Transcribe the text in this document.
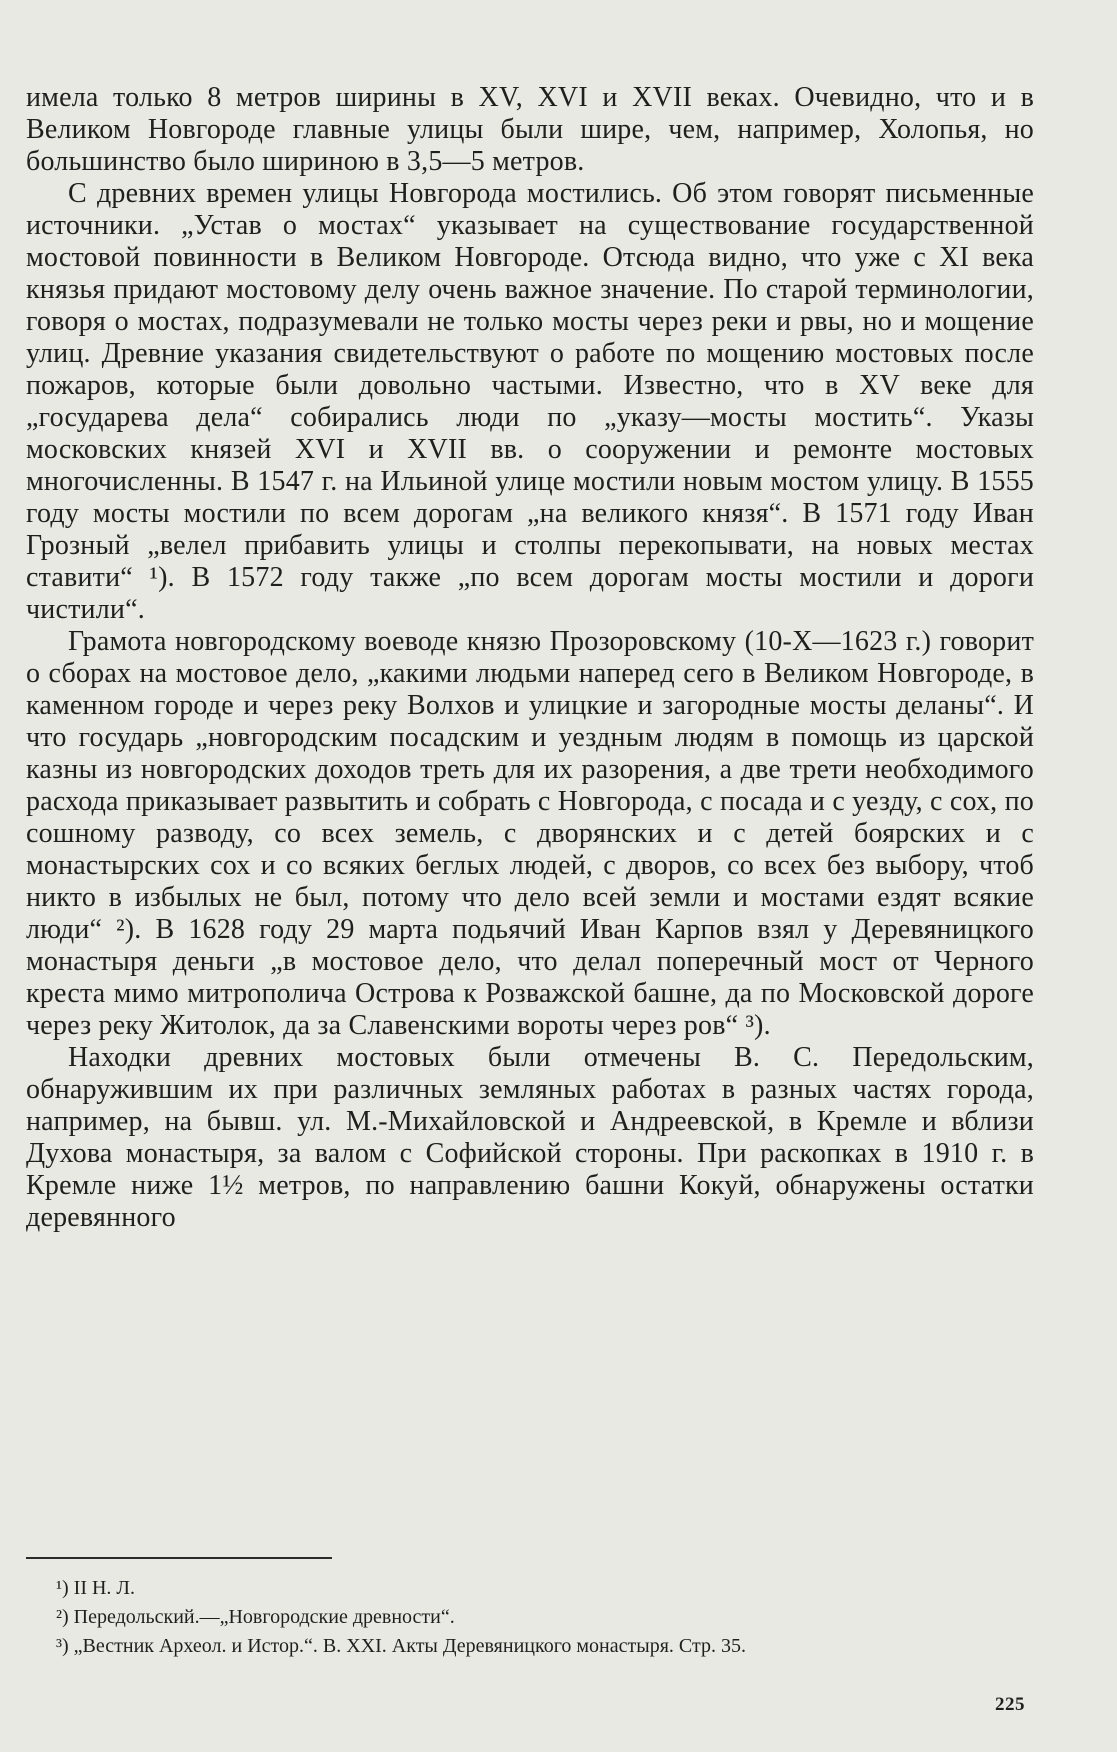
имела только 8 метров ширины в XV, XVI и XVII веках. Очевидно, что и в Великом Новгороде главные улицы были шире, чем, например, Холопья, но большинство было шириною в 3,5—5 метров.

С древних времен улицы Новгорода мостились. Об этом говорят письменные источники. „Устав о мостах“ указывает на существование государственной мостовой повинности в Великом Новгороде. Отсюда видно, что уже с XI века князья придают мостовому делу очень важное значение. По старой терминологии, говоря о мостах, подразумевали не только мосты через реки и рвы, но и мощение улиц. Древние указания свидетельствуют о работе по мощению мостовых после пожаров, которые были довольно частыми. Известно, что в XV веке для „государева дела“ собирались люди по „указу—мосты мостить“. Указы московских князей XVI и XVII вв. о сооружении и ремонте мостовых многочисленны. В 1547 г. на Ильиной улице мостили новым мостом улицу. В 1555 году мосты мостили по всем дорогам „на великого князя“. В 1571 году Иван Грозный „велел прибавить улицы и столпы перекопывати, на новых местах ставити“ ¹). В 1572 году также „по всем дорогам мосты мостили и дороги чистили“.

Грамота новгородскому воеводе князю Прозоровскому (10-X—1623 г.) говорит о сборах на мостовое дело, „какими людьми наперед сего в Великом Новгороде, в каменном городе и через реку Волхов и улицкие и загородные мосты деланы“. И что государь „новгородским посадским и уездным людям в помощь из царской казны из новгородских доходов треть для их разорения, а две трети необходимого расхода приказывает развытить и собрать с Новгорода, с посада и с уезду, с сох, по сошному разводу, со всех земель, с дворянских и с детей боярских и с монастырских сох и со всяких беглых людей, с дворов, со всех без выбору, чтоб никто в избылых не был, потому что дело всей земли и мостами ездят всякие люди“ ²). В 1628 году 29 марта подьячий Иван Карпов взял у Деревяницкого монастыря деньги „в мостовое дело, что делал поперечный мост от Черного креста мимо митрополича Острова к Розважской башне, да по Московской дороге через реку Житолок, да за Славенскими вороты через ров“ ³).

Находки древних мостовых были отмечены В. С. Передольским, обнаружившим их при различных земляных работах в разных частях города, например, на бывш. ул. М.-Михайловской и Андреевской, в Кремле и вблизи Духова монастыря, за валом с Софийской стороны. При раскопках в 1910 г. в Кремле ниже 1½ метров, по направлению башни Кокуй, обнаружены остатки деревянного

¹) II Н. Л.

²) Передольский.—„Новгородские древности“.

³) „Вестник Археол. и Истор.“. В. XXI. Акты Деревяницкого монастыря. Стр. 35.

225
